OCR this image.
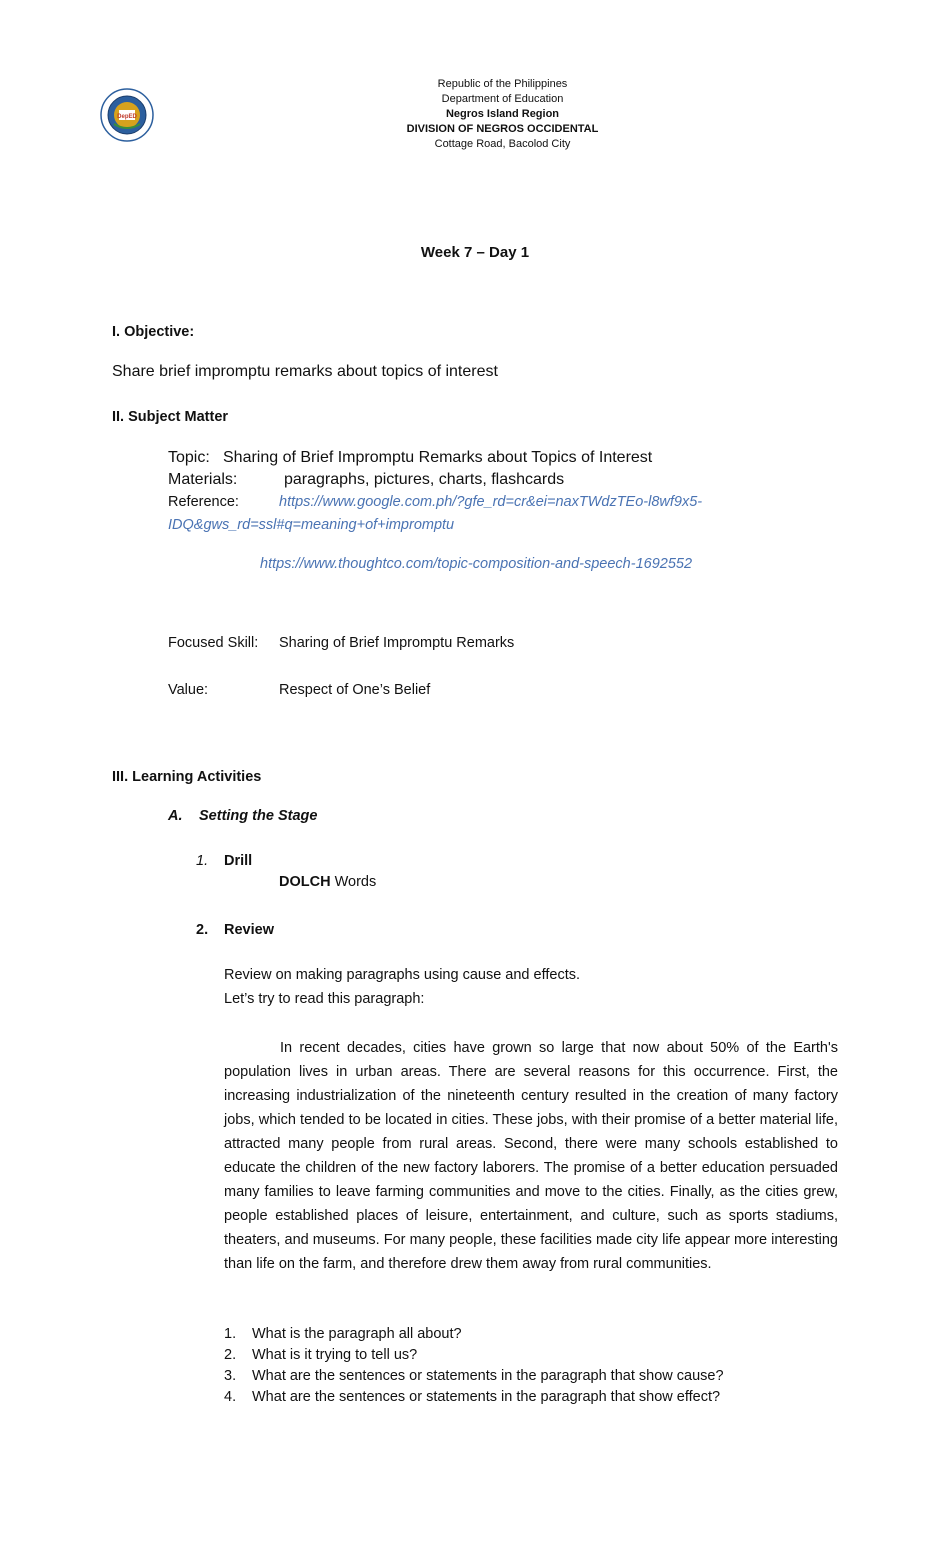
DepED
Republic of the Philippines
Department of Education
Negros Island Region
DIVISION OF NEGROS OCCIDENTAL
Cottage Road, Bacolod City
Week 7 – Day 1
I. Objective:
Share brief impromptu remarks about topics of interest
II. Subject Matter
Topic: Sharing of Brief Impromptu Remarks about Topics of Interest
Materials:	paragraphs, pictures, charts, flashcards
Reference:	https://www.google.com.ph/?gfe_rd=cr&ei=naxTWdzTEo-l8wf9x5-
IDQ&gws_rd=ssl#q=meaning+of+impromptu
https://www.thoughtco.com/topic-composition-and-speech-1692552
Focused Skill: Sharing of Brief Impromptu Remarks
Value:	Respect of One’s Belief
III. Learning Activities
A. Setting the Stage
1. Drill
DOLCH Words
2. Review
Review on making paragraphs using cause and effects.
Let’s try to read this paragraph:

In recent decades, cities have grown so large that now about 50% of the Earth's population lives in urban areas. There are several reasons for this occurrence. First, the increasing industrialization of the nineteenth century resulted in the creation of many factory jobs, which tended to be located in cities. These jobs, with their promise of a better material life, attracted many people from rural areas. Second, there were many schools established to educate the children of the new factory laborers. The promise of a better education persuaded many families to leave farming communities and move to the cities. Finally, as the cities grew, people established places of leisure, entertainment, and culture, such as sports stadiums, theaters, and museums. For many people, these facilities made city life appear more interesting than life on the farm, and therefore drew them away from rural communities.

1. What is the paragraph all about?
2. What is it trying to tell us?
3. What are the sentences or statements in the paragraph that show cause?
4. What are the sentences or statements in the paragraph that show effect?
